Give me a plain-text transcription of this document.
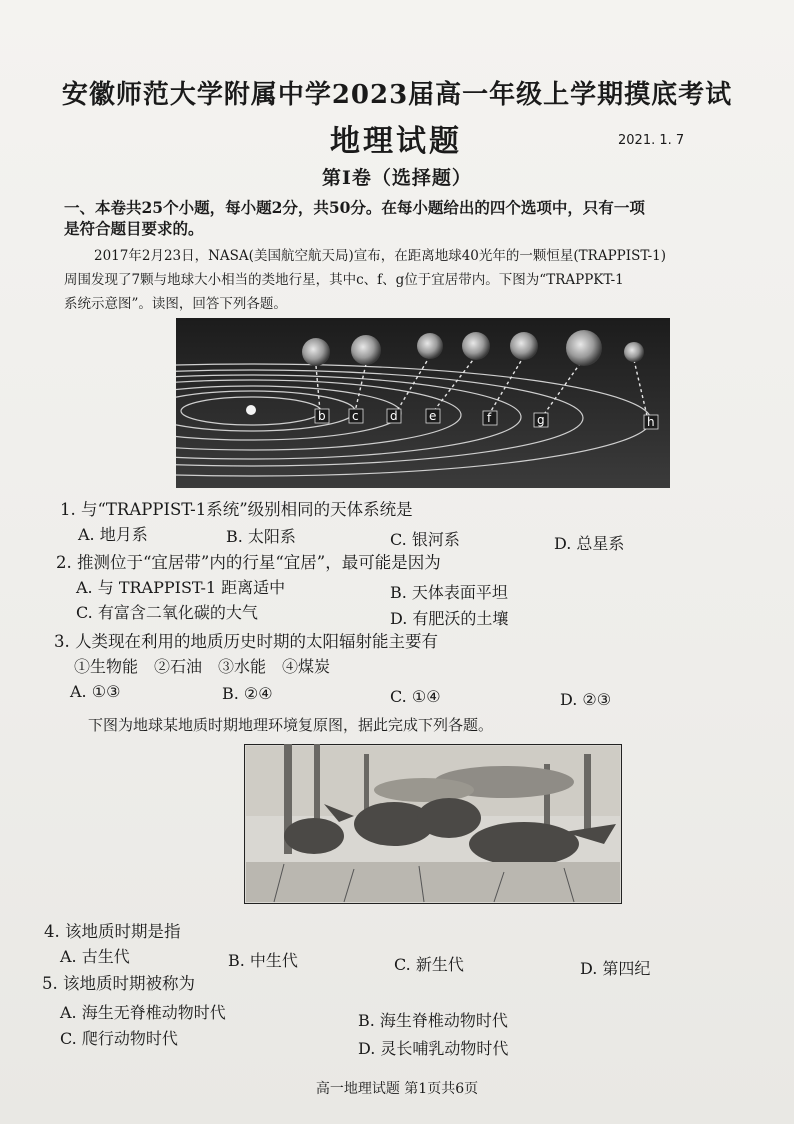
安徽师范大学附属中学2023届高一年级上学期摸底考试
地理试题	2021. 1. 7
第Ⅰ卷（选择题）
一、本卷共25个小题，每小题2分，共50分。在每小题给出的四个选项中，只有一项
是符合题目要求的。
2017年2月23日，NASA(美国航空航天局)宣布，在距离地球40光年的一颗恒星(TRAPPIST-1)
周围发现了7颗与地球大小相当的类地行星，其中c、f、g位于宜居带内。下图为“TRAPPKT-1
系统示意图”。读图，回答下列各题。
b c	d	e	f	g	h
1. 与“TRAPPIST-1系统”级别相同的天体系统是
A. 地月系	B. 太阳系	C. 银河系	D. 总星系
2. 推测位于“宜居带”内的行星“宜居”，最可能是因为
A. 与 TRAPPIST-1 距离适中	B. 天体表面平坦
C. 有富含二氧化碳的大气	D. 有肥沃的土壤
3. 人类现在利用的地质历史时期的太阳辐射能主要有
①生物能　②石油　③水能　④煤炭
A. ①③	B. ②④	C. ①④	D. ②③
下图为地球某地质时期地理环境复原图，据此完成下列各题。
4. 该地质时期是指
A. 古生代	B. 中生代	C. 新生代	D. 第四纪
5. 该地质时期被称为
A. 海生无脊椎动物时代	B. 海生脊椎动物时代
C. 爬行动物时代
D. 灵长哺乳动物时代
高一地理试题 第1页共6页
